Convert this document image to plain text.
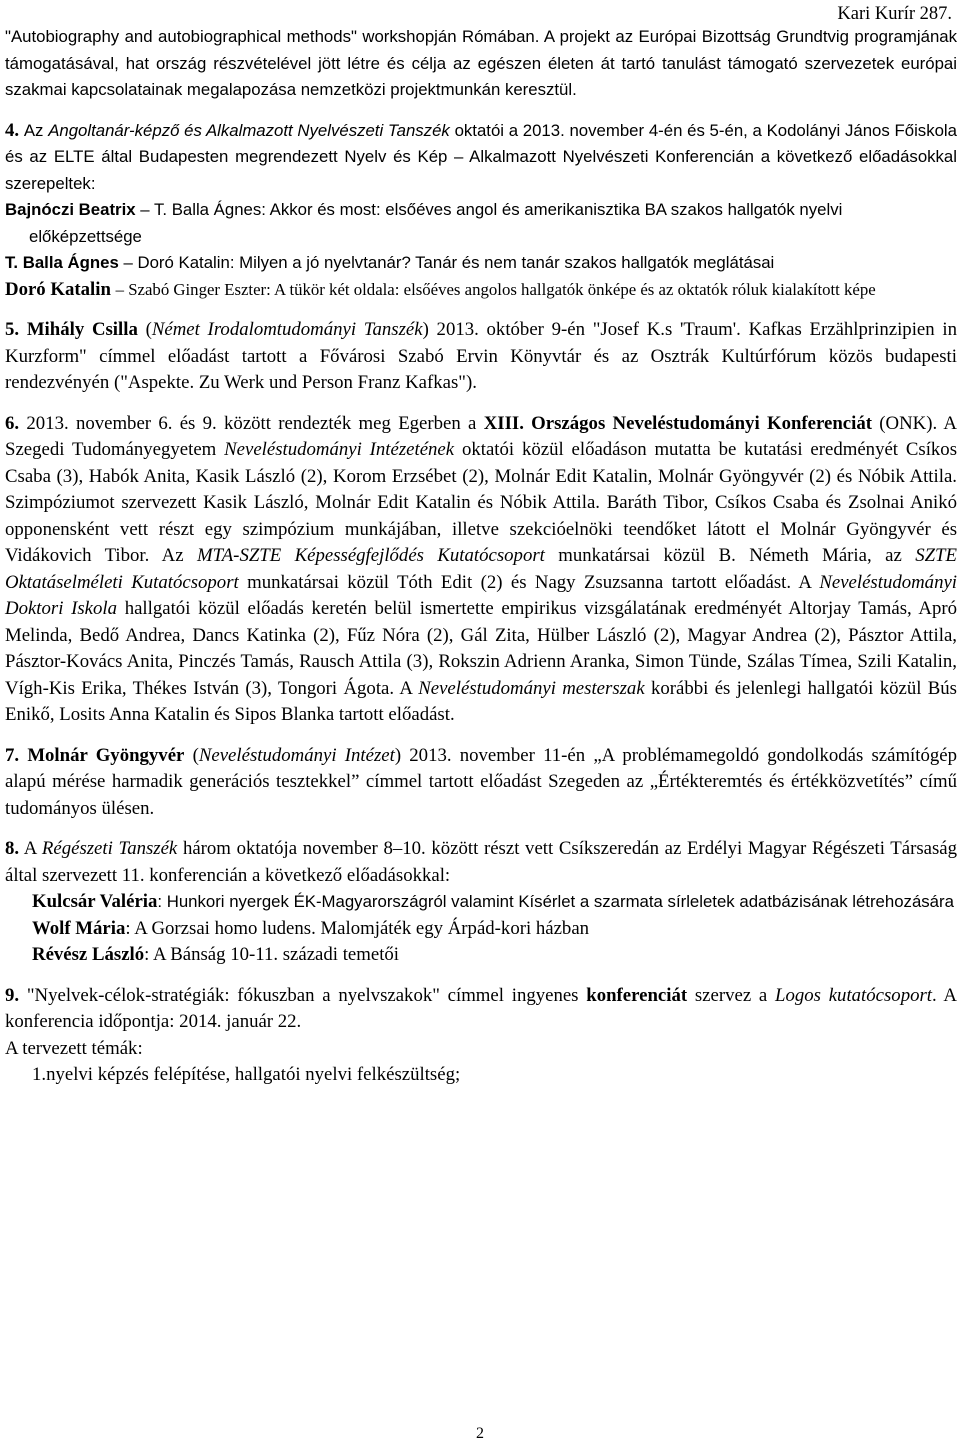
Kari Kurír 287.

"Autobiography and autobiographical methods" workshopján Rómában. A projekt az Európai Bizottság Grundtvig programjának támogatásával, hat ország részvételével jött létre és célja az egészen életen át tartó tanulást támogató szervezetek európai szakmai kapcsolatainak megalapozása nemzetközi projektmunkán keresztül.

4. Az Angoltanár-képző és Alkalmazott Nyelvészeti Tanszék oktatói a 2013. november 4-én és 5-én, a Kodolányi János Főiskola és az ELTE által Budapesten megrendezett Nyelv és Kép – Alkalmazott Nyelvészeti Konferencián a következő előadásokkal szerepeltek:

Bajnóczi Beatrix – T. Balla Ágnes: Akkor és most: elsőéves angol és amerikanisztika BA szakos hallgatók nyelvi előképzettsége

T. Balla Ágnes – Doró Katalin: Milyen a jó nyelvtanár? Tanár és nem tanár szakos hallgatók meglátásai

Doró Katalin – Szabó Ginger Eszter: A tükör két oldala: elsőéves angolos hallgatók önképe és az oktatók róluk kialakított képe

5. Mihály Csilla (Német Irodalomtudományi Tanszék) 2013. október 9-én "Josef K.s 'Traum'. Kafkas Erzählprinzipien in Kurzform" címmel előadást tartott a Fővárosi Szabó Ervin Könyvtár és az Osztrák Kultúrfórum közös budapesti rendezvényén ("Aspekte. Zu Werk und Person Franz Kafkas").

6. 2013. november 6. és 9. között rendezték meg Egerben a XIII. Országos Neveléstudományi Konferenciát (ONK). A Szegedi Tudományegyetem Neveléstudományi Intézetének oktatói közül előadáson mutatta be kutatási eredményét Csíkos Csaba (3), Habók Anita, Kasik László (2), Korom Erzsébet (2), Molnár Edit Katalin, Molnár Gyöngyvér (2) és Nóbik Attila. Szimpóziumot szervezett Kasik László, Molnár Edit Katalin és Nóbik Attila. Baráth Tibor, Csíkos Csaba és Zsolnai Anikó opponensként vett részt egy szimpózium munkájában, illetve szekcióelnöki teendőket látott el Molnár Gyöngyvér és Vidákovich Tibor. Az MTA-SZTE Képességfejlődés Kutatócsoport munkatársai közül B. Németh Mária, az SZTE Oktatáselméleti Kutatócsoport munkatársai közül Tóth Edit (2) és Nagy Zsuzsanna tartott előadást. A Neveléstudományi Doktori Iskola hallgatói közül előadás keretén belül ismertette empirikus vizsgálatának eredményét Altorjay Tamás, Apró Melinda, Bedő Andrea, Dancs Katinka (2), Fűz Nóra (2), Gál Zita, Hülber László (2), Magyar Andrea (2), Pásztor Attila, Pásztor-Kovács Anita, Pinczés Tamás, Rausch Attila (3), Rokszin Adrienn Aranka, Simon Tünde, Szálas Tímea, Szili Katalin, Vígh-Kis Erika, Thékes István (3), Tongori Ágota. A Neveléstudományi mesterszak korábbi és jelenlegi hallgatói közül Bús Enikő, Losits Anna Katalin és Sipos Blanka tartott előadást.

7. Molnár Gyöngyvér (Neveléstudományi Intézet) 2013. november 11-én „A problémamegoldó gondolkodás számítógép alapú mérése harmadik generációs tesztekkel” címmel tartott előadást Szegeden az „Értékteremtés és értékközvetítés” című tudományos ülésen.

8. A Régészeti Tanszék három oktatója november 8–10. között részt vett Csíkszeredán az Erdélyi Magyar Régészeti Társaság által szervezett 11. konferencián a következő előadásokkal:

Kulcsár Valéria: Hunkori nyergek ÉK-Magyarországról valamint Kísérlet a szarmata sírleletek adatbázisának létrehozására

Wolf Mária: A Gorzsai homo ludens. Malomjáték egy Árpád-kori házban

Révész László: A Bánság 10-11. századi temetői

9. "Nyelvek-célok-stratégiák: fókuszban a nyelvszakok" címmel ingyenes konferenciát szervez a Logos kutatócsoport. A konferencia időpontja: 2014. január 22.

A tervezett témák:

1.nyelvi képzés felépítése, hallgatói nyelvi felkészültség;

2
